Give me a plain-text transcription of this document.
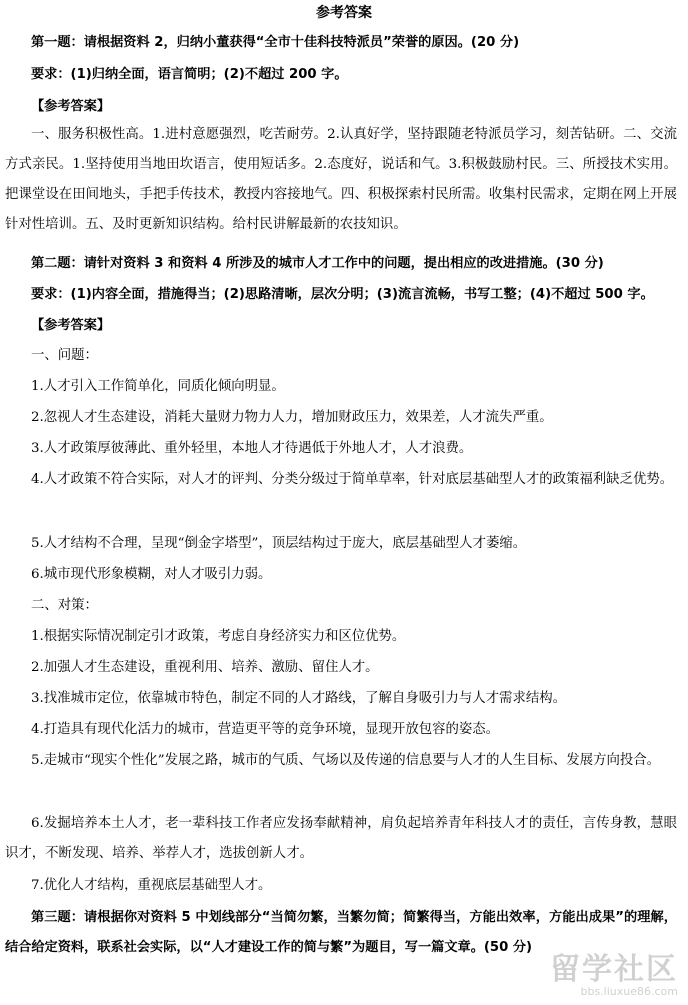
参考答案

第一题：请根据资料 2，归纳小董获得“全市十佳科技特派员”荣誉的原因。(20 分)

要求：(1)归纳全面，语言简明；(2)不超过 200 字。

【参考答案】

一、服务积极性高。1.进村意愿强烈，吃苦耐劳。2.认真好学，坚持跟随老特派员学习，刻苦钻研。二、交流方式亲民。1.坚持使用当地田坎语言，使用短话多。2.态度好，说话和气。3.积极鼓励村民。三、所授技术实用。把课堂设在田间地头，手把手传技术，教授内容接地气。四、积极探索村民所需。收集村民需求，定期在网上开展针对性培训。五、及时更新知识结构。给村民讲解最新的农技知识。

第二题：请针对资料 3 和资料 4 所涉及的城市人才工作中的问题，提出相应的改进措施。(30 分)

要求：(1)内容全面，措施得当；(2)思路清晰，层次分明；(3)流言流畅，书写工整；(4)不超过 500 字。

【参考答案】

一、问题：

1.人才引入工作简单化，同质化倾向明显。

2.忽视人才生态建设，消耗大量财力物力人力，增加财政压力，效果差，人才流失严重。

3.人才政策厚彼薄此、重外轻里，本地人才待遇低于外地人才，人才浪费。

4.人才政策不符合实际，对人才的评判、分类分级过于简单草率，针对底层基础型人才的政策福利缺乏优势。

5.人才结构不合理，呈现“倒金字塔型”，顶层结构过于庞大，底层基础型人才萎缩。

6.城市现代形象模糊，对人才吸引力弱。

二、对策：

1.根据实际情况制定引才政策，考虑自身经济实力和区位优势。

2.加强人才生态建设，重视利用、培养、激励、留住人才。

3.找准城市定位，依靠城市特色，制定不同的人才路线，了解自身吸引力与人才需求结构。

4.打造具有现代化活力的城市，营造更平等的竞争环境，显现开放包容的姿态。

5.走城市“现实个性化”发展之路，城市的气质、气场以及传递的信息要与人才的人生目标、发展方向投合。

6.发掘培养本土人才，老一辈科技工作者应发扬奉献精神，肩负起培养青年科技人才的责任，言传身教，慧眼识才，不断发现、培养、举荐人才，选拔创新人才。

7.优化人才结构，重视底层基础型人才。

第三题：请根据你对资料 5 中划线部分“当简勿繁，当繁勿简；简繁得当，方能出效率，方能出成果”的理解，结合给定资料，联系社会实际，以“人才建设工作的简与繁”为题目，写一篇文章。(50 分)

留学社区
bbs.liuxue86.com
